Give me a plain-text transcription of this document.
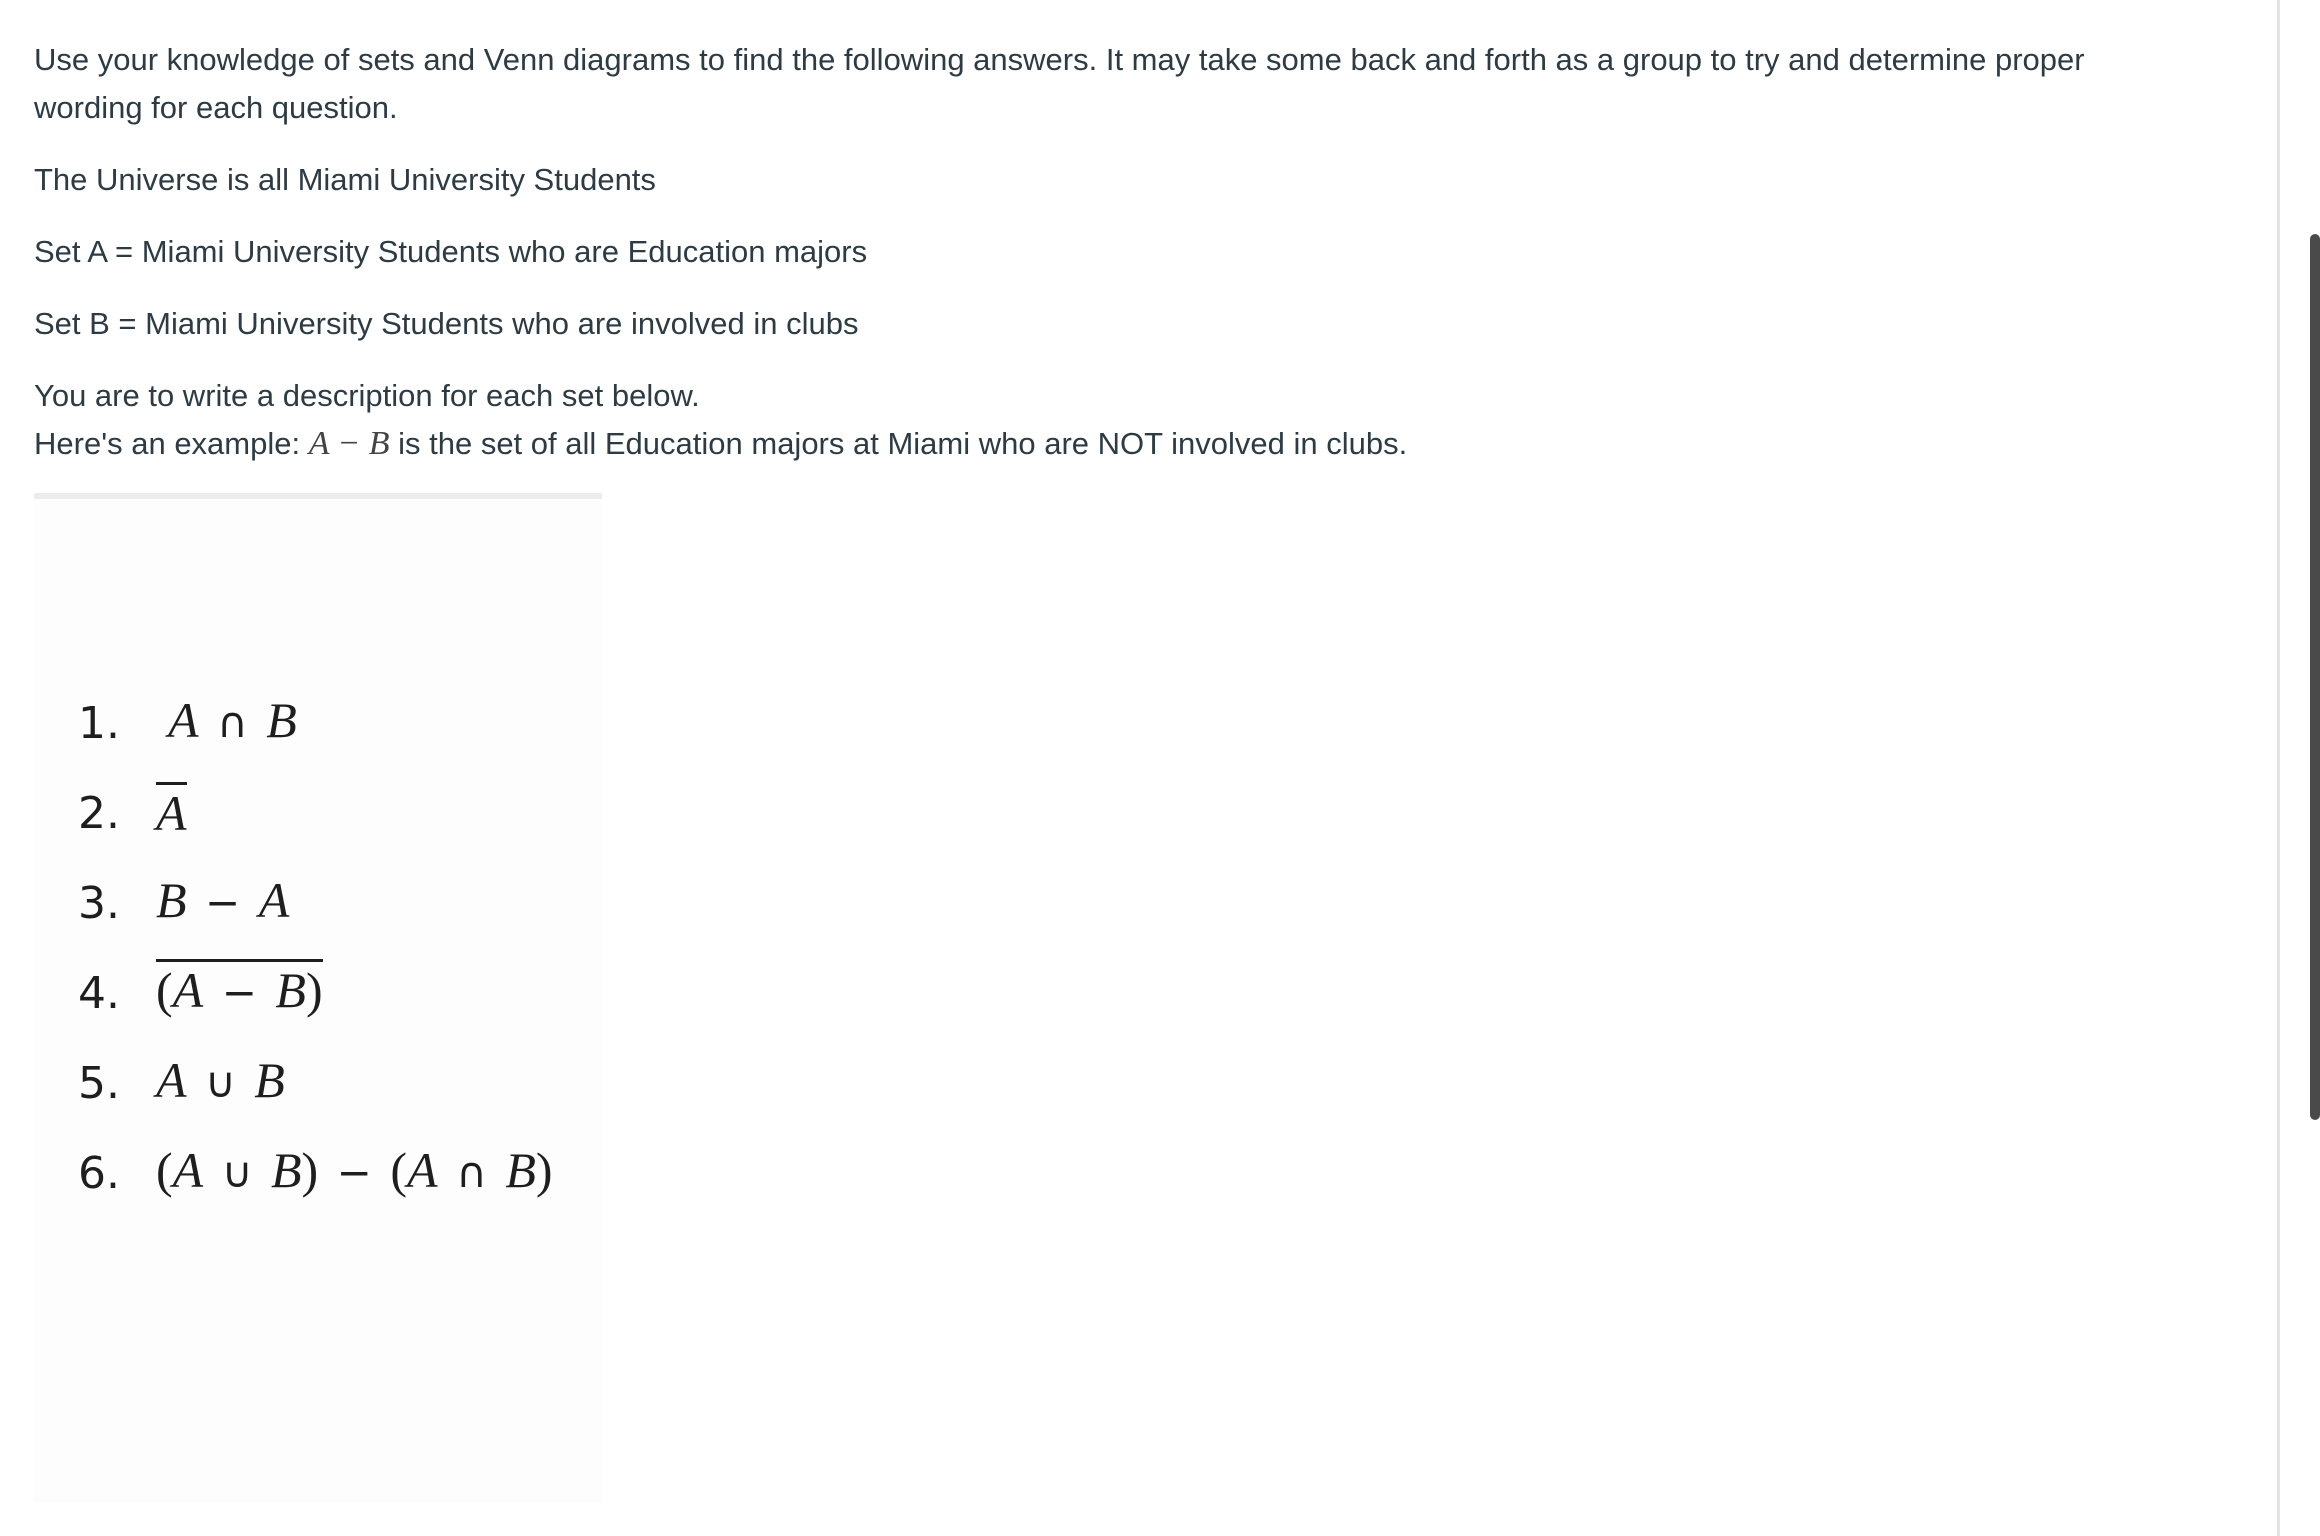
Use your knowledge of sets and Venn diagrams to find the following answers. It may take some back and forth as a group to try and determine proper wording for each question.

The Universe is all Miami University Students

Set A = Miami University Students who are Education majors

Set B = Miami University Students who are involved in clubs

You are to write a description for each set below.

Here's an example: A − B is the set of all Education majors at Miami who are NOT involved in clubs.

1. A ∩ B
2. A
3. B − A
4. (A − B)
5. A ∪ B
6. (A ∪ B) − (A ∩ B)
